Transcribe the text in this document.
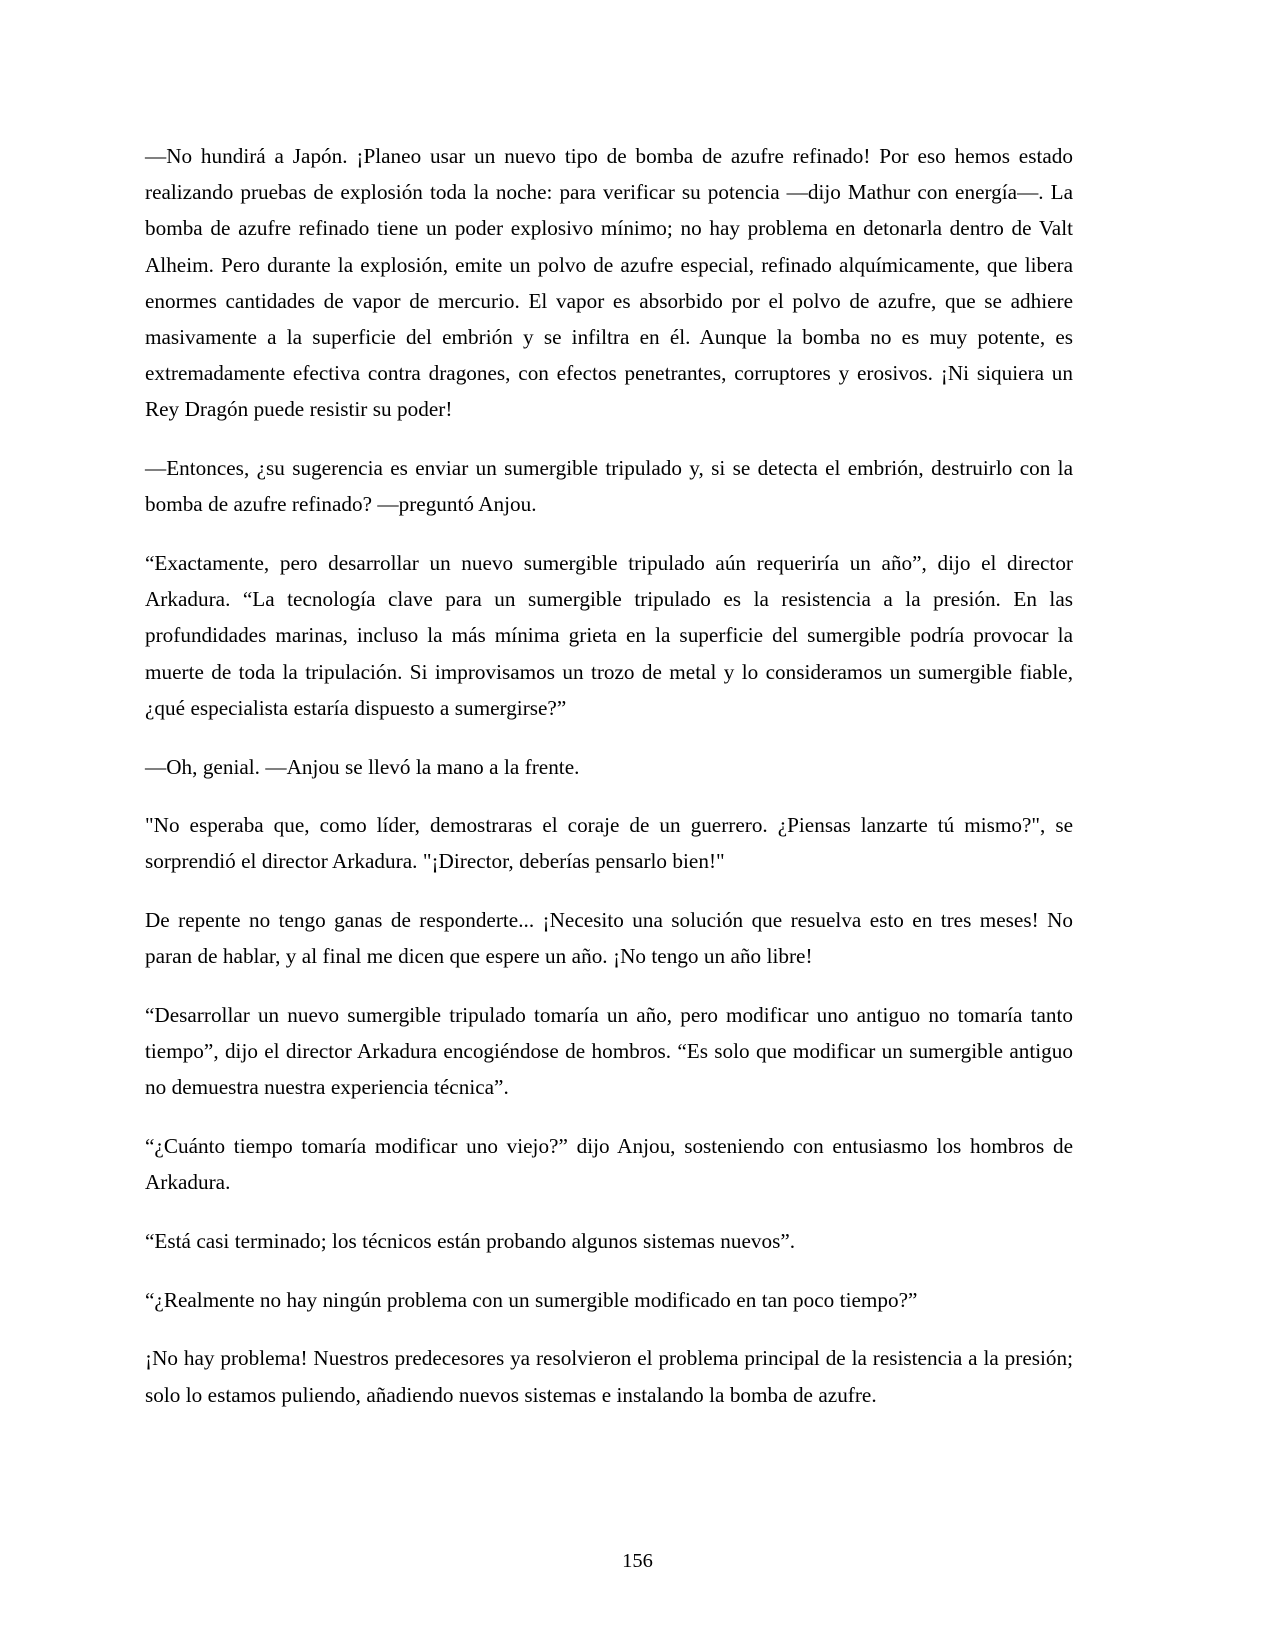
—No hundirá a Japón. ¡Planeo usar un nuevo tipo de bomba de azufre refinado! Por eso hemos estado realizando pruebas de explosión toda la noche: para verificar su potencia —dijo Mathur con energía—. La bomba de azufre refinado tiene un poder explosivo mínimo; no hay problema en detonarla dentro de Valt Alheim. Pero durante la explosión, emite un polvo de azufre especial, refinado alquímicamente, que libera enormes cantidades de vapor de mercurio. El vapor es absorbido por el polvo de azufre, que se adhiere masivamente a la superficie del embrión y se infiltra en él. Aunque la bomba no es muy potente, es extremadamente efectiva contra dragones, con efectos penetrantes, corruptores y erosivos. ¡Ni siquiera un Rey Dragón puede resistir su poder!

—Entonces, ¿su sugerencia es enviar un sumergible tripulado y, si se detecta el embrión, destruirlo con la bomba de azufre refinado? —preguntó Anjou.

“Exactamente, pero desarrollar un nuevo sumergible tripulado aún requeriría un año”, dijo el director Arkadura. “La tecnología clave para un sumergible tripulado es la resistencia a la presión. En las profundidades marinas, incluso la más mínima grieta en la superficie del sumergible podría provocar la muerte de toda la tripulación. Si improvisamos un trozo de metal y lo consideramos un sumergible fiable, ¿qué especialista estaría dispuesto a sumergirse?”

—Oh, genial. —Anjou se llevó la mano a la frente.

"No esperaba que, como líder, demostraras el coraje de un guerrero. ¿Piensas lanzarte tú mismo?", se sorprendió el director Arkadura. "¡Director, deberías pensarlo bien!"

De repente no tengo ganas de responderte... ¡Necesito una solución que resuelva esto en tres meses! No paran de hablar, y al final me dicen que espere un año. ¡No tengo un año libre!

“Desarrollar un nuevo sumergible tripulado tomaría un año, pero modificar uno antiguo no tomaría tanto tiempo”, dijo el director Arkadura encogiéndose de hombros. “Es solo que modificar un sumergible antiguo no demuestra nuestra experiencia técnica”.

“¿Cuánto tiempo tomaría modificar uno viejo?” dijo Anjou, sosteniendo con entusiasmo los hombros de Arkadura.

“Está casi terminado; los técnicos están probando algunos sistemas nuevos”.

“¿Realmente no hay ningún problema con un sumergible modificado en tan poco tiempo?”

¡No hay problema! Nuestros predecesores ya resolvieron el problema principal de la resistencia a la presión; solo lo estamos puliendo, añadiendo nuevos sistemas e instalando la bomba de azufre.

156
